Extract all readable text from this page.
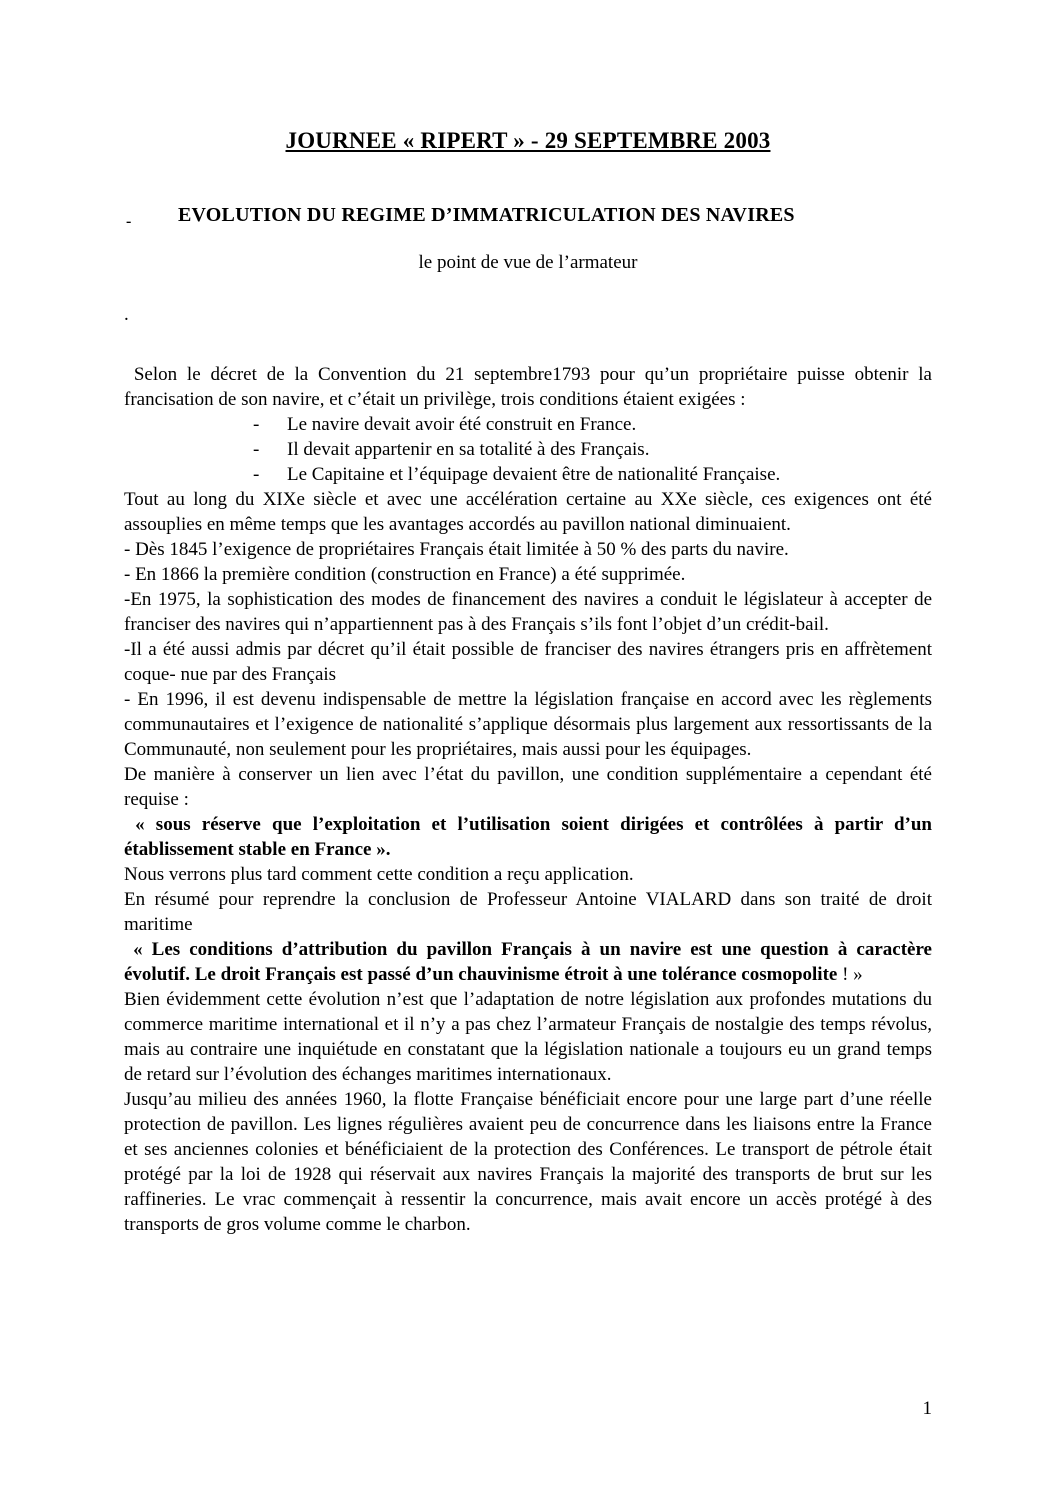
JOURNEE « RIPERT » - 29 SEPTEMBRE 2003
- EVOLUTION DU REGIME D’IMMATRICULATION DES NAVIRES
le point de vue de l’armateur
.
Selon le décret de la Convention du 21 septembre1793 pour qu’un propriétaire puisse obtenir la francisation de son navire, et c’était un privilège, trois conditions étaient exigées :
- Le navire devait avoir été construit en France.
- Il devait appartenir en sa totalité à des Français.
- Le Capitaine et l’équipage devaient être de nationalité Française.
Tout au long du XIXe siècle et avec une accélération certaine au XXe siècle, ces exigences ont été assouplies en même temps que les avantages accordés au pavillon national diminuaient.
- Dès 1845 l’exigence de propriétaires Français était limitée à 50 % des parts du navire.
- En 1866 la première condition (construction en France) a été supprimée.
-En 1975, la sophistication des modes de financement des navires a conduit le législateur à accepter de franciser des navires qui n’appartiennent pas à des Français s’ils font l’objet d’un crédit-bail.
-Il a été aussi admis par décret qu’il était possible de franciser des navires étrangers pris en affrètement coque- nue par des Français
- En 1996, il est devenu indispensable de mettre la législation française en accord avec les règlements communautaires et l’exigence de nationalité s’applique désormais plus largement aux ressortissants de la Communauté, non seulement pour les propriétaires, mais aussi pour les équipages.
De manière à conserver un lien avec l’état du pavillon, une condition supplémentaire a cependant été requise :
« sous réserve que l’exploitation et l’utilisation soient dirigées et contrôlées à partir d’un établissement stable en France ».
Nous verrons plus tard comment cette condition a reçu application.
En résumé pour reprendre la conclusion de Professeur Antoine VIALARD dans son traité de droit maritime
« Les conditions d’attribution du pavillon Français à un navire est une question à caractère évolutif. Le droit Français est passé d’un chauvinisme étroit à une tolérance cosmopolite ! »
Bien évidemment cette évolution n’est que l’adaptation de notre législation aux profondes mutations du commerce maritime international et il n’y a pas chez l’armateur Français de nostalgie des temps révolus, mais au contraire une inquiétude en constatant que la législation nationale a toujours eu un grand temps de retard sur l’évolution des échanges maritimes internationaux.
Jusqu’au milieu des années 1960, la flotte Française bénéficiait encore pour une large part d’une réelle protection de pavillon. Les lignes régulières avaient peu de concurrence dans les liaisons entre la France et ses anciennes colonies et bénéficiaient de la protection des Conférences. Le transport de pétrole était protégé par la loi de 1928 qui réservait aux navires Français la majorité des transports de brut sur les raffineries. Le vrac commençait à ressentir la concurrence, mais avait encore un accès protégé à des transports de gros volume comme le charbon.
1
